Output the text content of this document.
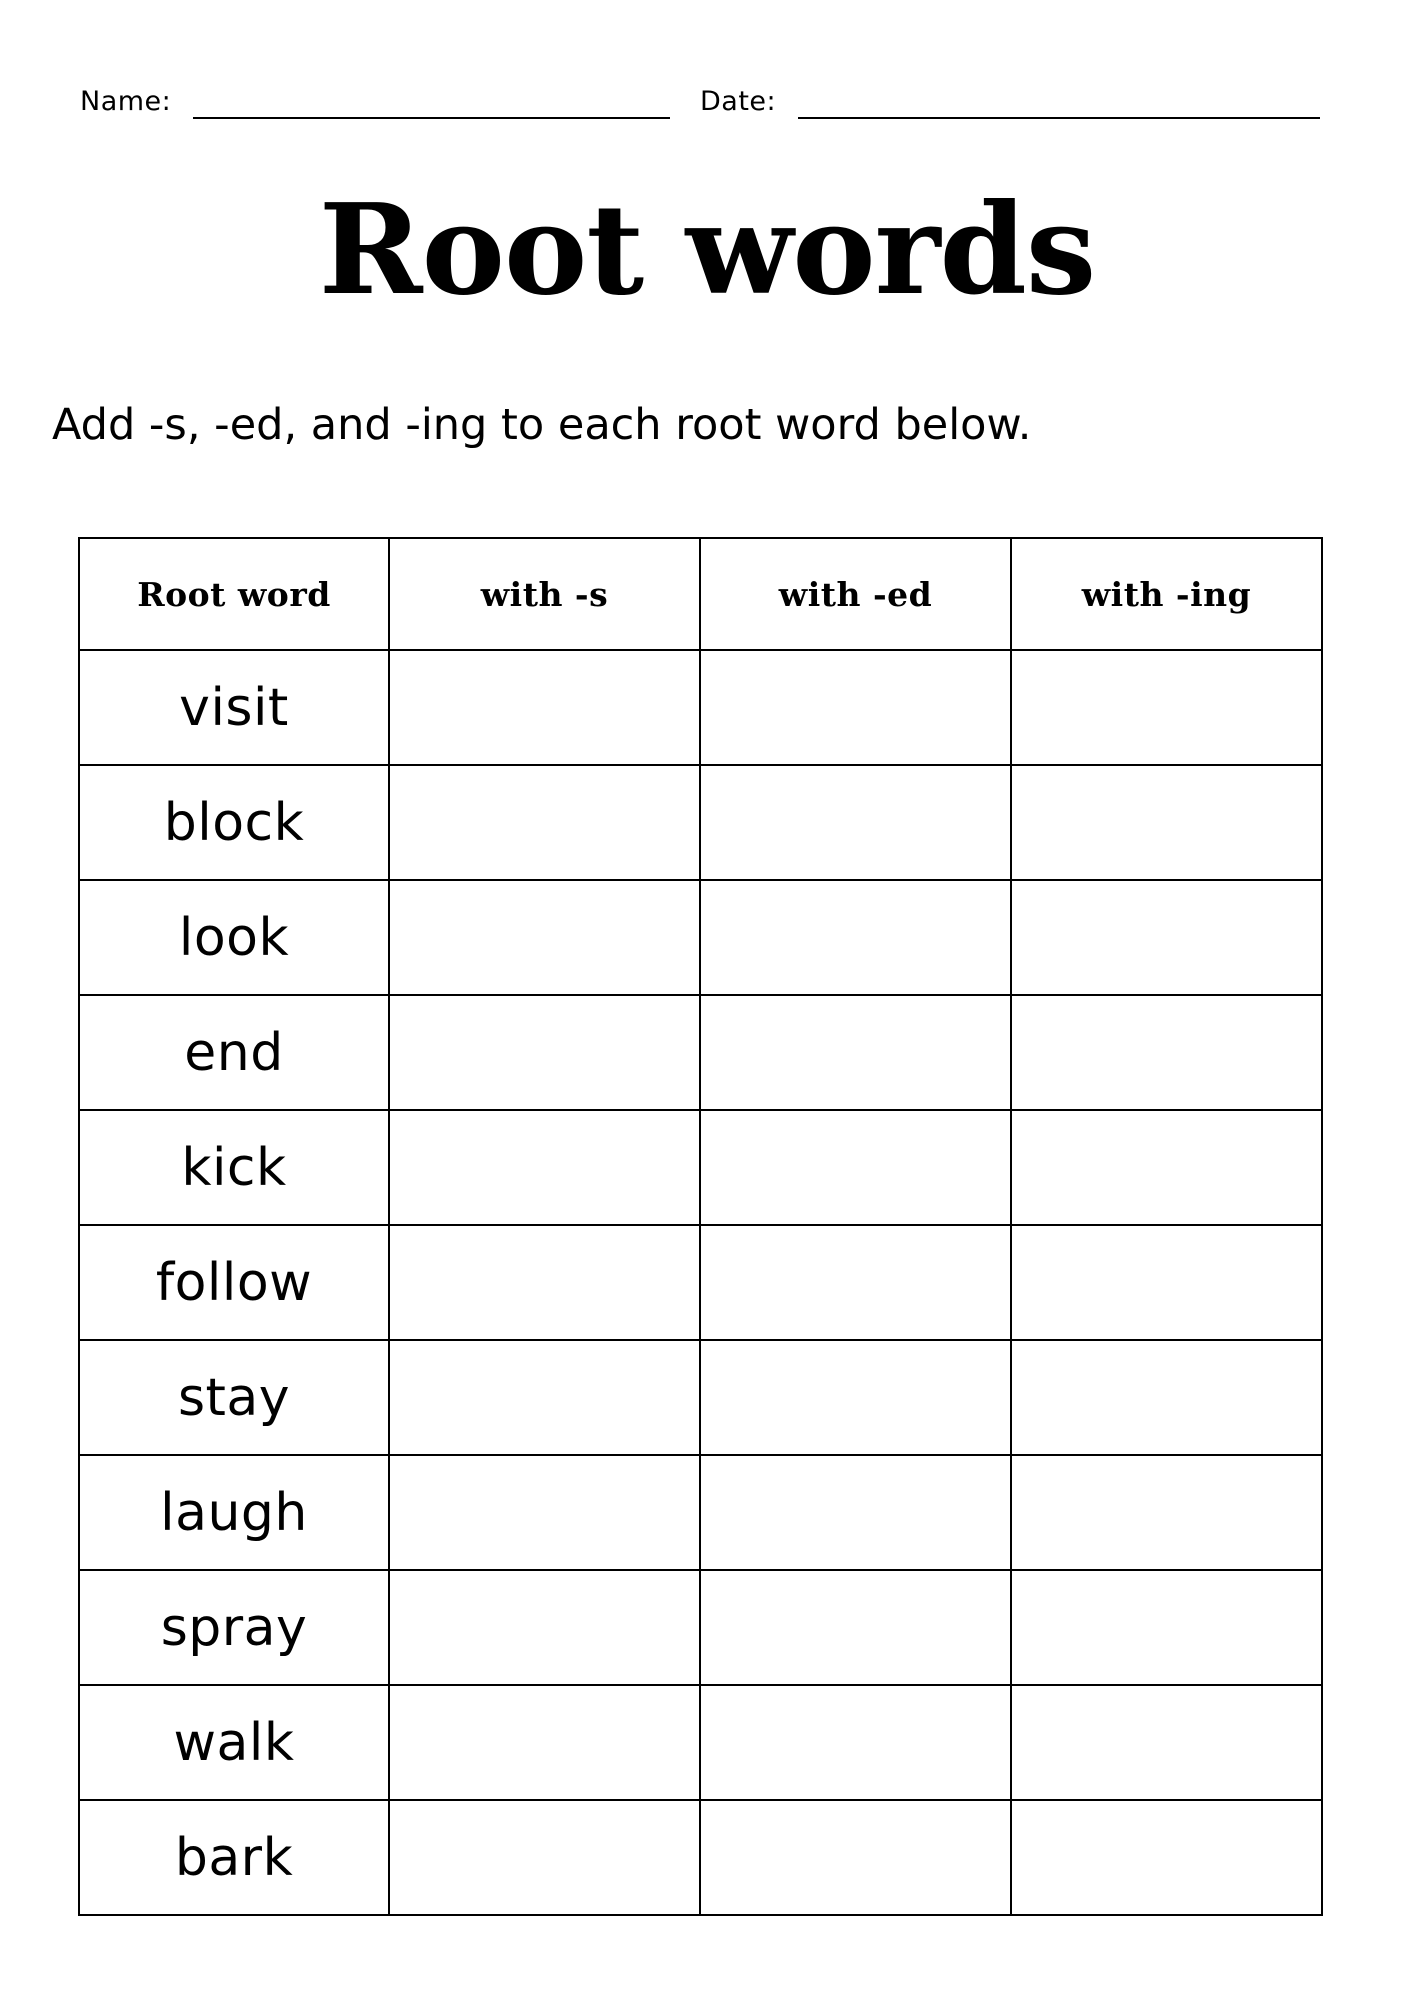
Name:	Date:
Root words
Add -s, -ed, and -ing to each root word below.
Root word	with -s	with -ed	with -ing
visit			
block			
look			
end			
kick			
follow			
stay			
laugh			
spray			
walk			
bark			
